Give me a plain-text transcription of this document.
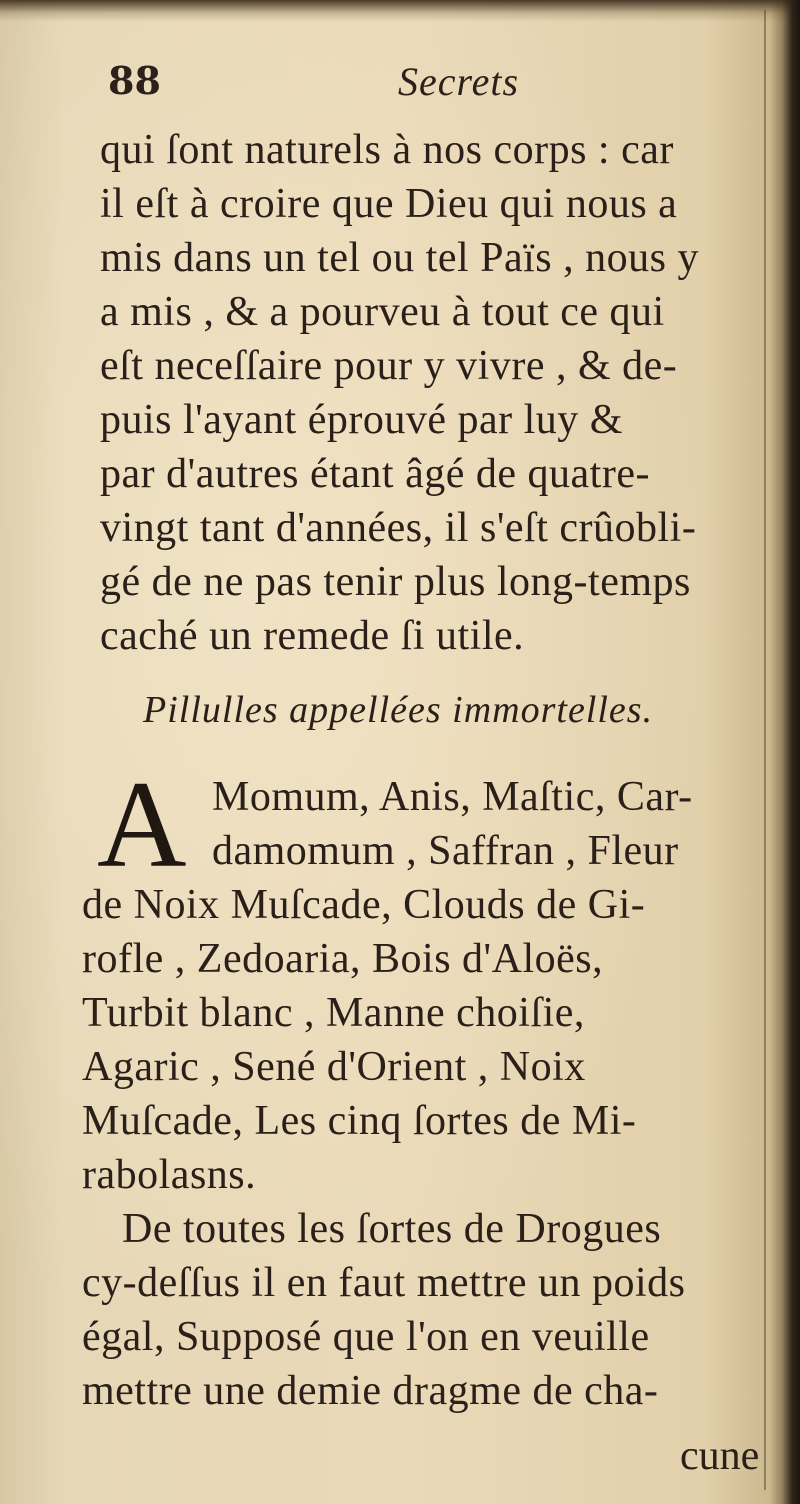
88	Secrets
qui ſont naturels à nos corps : car
il eſt à croire que Dieu qui nous a
mis dans un tel ou tel Païs , nous y
a mis , & a pourveu à tout ce qui
eſt neceſſaire pour y vivre , & de-
puis l'ayant éprouvé par luy &
par d'autres étant âgé de quatre-
vingt tant d'années, il s'eſt crûobli-
gé de ne pas tenir plus long-temps
caché un remede ſi utile.
Pillulles appellées immortelles.
A Momum, Anis, Maſtic, Car-
damomum , Saffran , Fleur
de Noix Muſcade, Clouds de Gi-
rofle , Zedoaria, Bois d'Aloës,
Turbit blanc , Manne choiſie,
Agaric , Sené d'Orient , Noix
Muſcade, Les cinq ſortes de Mi-
rabolasns.
De toutes les ſortes de Drogues
cy-deſſus il en faut mettre un poids
égal, Supposé que l'on en veuille
mettre une demie dragme de cha-
cune
